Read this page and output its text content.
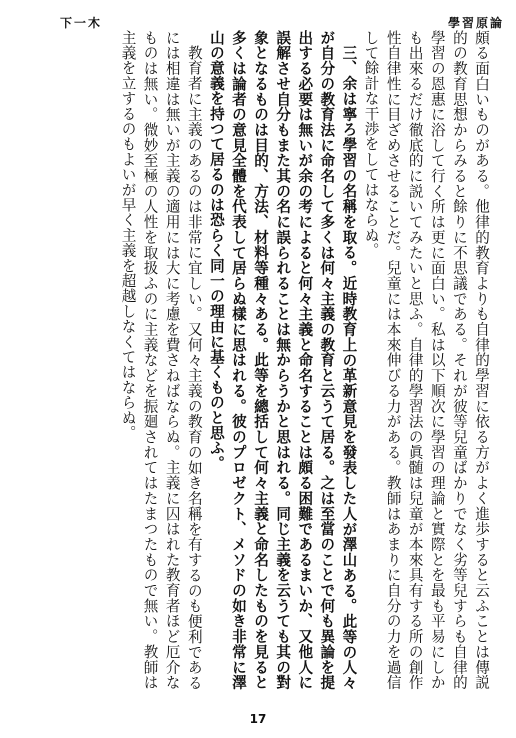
學習原論
下一木

頗る面白いものがある。他律的教育よりも自律的學習に依る方がよく進歩すると云ふことは傳説的の教育思想からみると餘りに不思議である。それが彼等兒童ばかりでなく劣等兒すらも自律的學習の恩惠に浴して行く所は更に面白い。私は以下順次に學習の理論と實際とを最も平易にしかも出來るだけ徹底的に説いてみたいと思ふ。自律的學習法の眞髄は兒童が本來具有する所の創作性自律性に目ざめさせることだ。兒童には本來伸びる力がある。教師はあまりに自分の力を過信して餘計な干渉をしてはならぬ。

三、余は寧ろ學習の名稱を取る。近時教育上の革新意見を發表した人が澤山ある。此等の人々が自分の教育法に命名して多くは何々主義の教育と云うて居る。之は至當のことで何も異論を提出する必要は無いが余の考によると何々主義と命名することは頗る困難であるまいか、又他人に誤解させ自分もまた其の名に誤られることは無からうかと思はれる。同じ主義を云うても其の對象となるものは目的、方法、材料等種々ある。此等を總括して何々主義と命名したものを見ると多くは論者の意見全體を代表して居らぬ樣に思はれる。彼のプロゼクト、メソドの如き非常に澤山の意義を持つて居るのは恐らく同一の理由に基くものと思ふ。

教育者に主義のあるのは非常に宜しい。又何々主義の教育の如き名稱を有するのも便利であるには相違は無いが主義の適用には大に考慮を費さねばならぬ。主義に囚はれた教育者ほど厄介なものは無い。微妙至極の人性を取扱ふのに主義などを振廻されてはたまつたもので無い。教師は主義を立するのもよいが早く主義を超越しなくてはならぬ。

17
